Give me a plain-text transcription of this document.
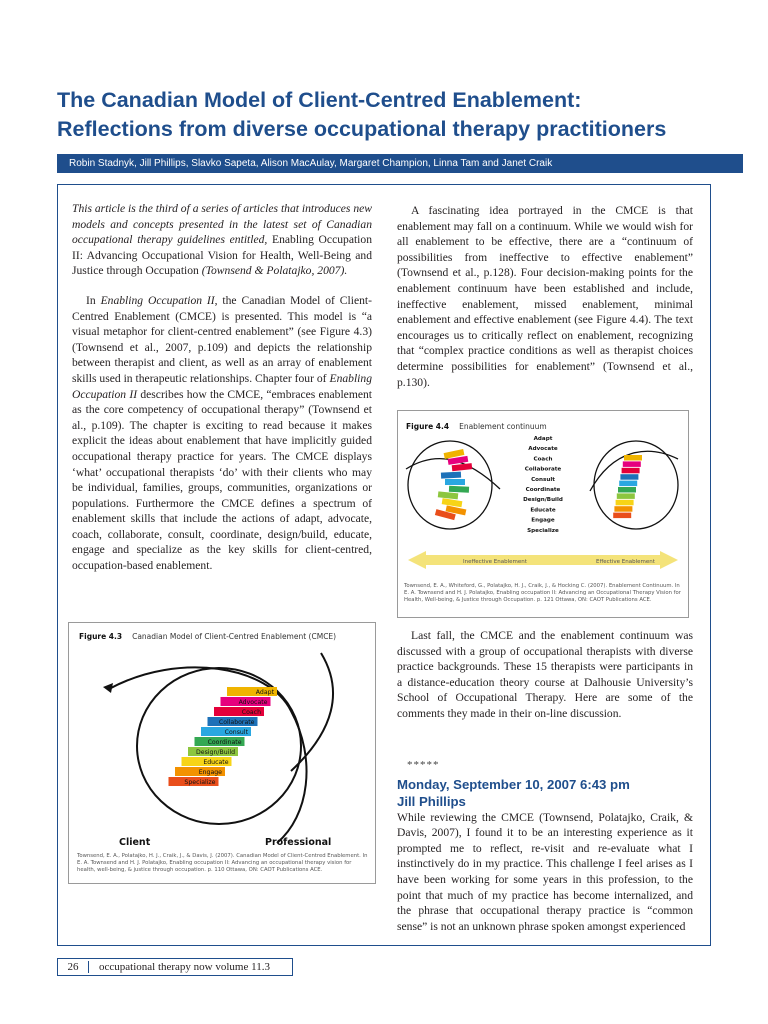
The Canadian Model of Client-Centred Enablement:
Reflections from diverse occupational therapy practitioners
Robin Stadnyk, Jill Phillips, Slavko Sapeta, Alison MacAulay, Margaret Champion, Linna Tam and Janet Craik

This article is the third of a series of articles that introduces new models and concepts presented in the latest set of Canadian occupational therapy guidelines entitled, Enabling Occupation II: Advancing Occupational Vision for Health, Well-Being and Justice through Occupation (Townsend & Polatajko, 2007).

In Enabling Occupation II, the Canadian Model of Client-Centred Enablement (CMCE) is presented. This model is “a visual metaphor for client-centred enablement” (see Figure 4.3) (Townsend et al., 2007, p.109) and depicts the relationship between therapist and client, as well as an array of enablement skills used in therapeutic relationships. Chapter four of Enabling Occupation II describes how the CMCE, “embraces enablement as the core competency of occupational therapy” (Townsend et al., p.109). The chapter is exciting to read because it makes explicit the ideas about enablement that have implicitly guided occupational therapy practice for years. The CMCE displays ‘what’ occupational therapists ‘do’ with their clients who may be individual, families, groups, communities, organizations or populations. Furthermore the CMCE defines a spectrum of enablement skills that include the actions of adapt, advocate, coach, collaborate, consult, coordinate, design/build, educate, engage and specialize as the key skills for client-centred, occupation-based enablement.

A fascinating idea portrayed in the CMCE is that enablement may fall on a continuum. While we would wish for all enablement to be effective, there are a “continuum of possibilities from ineffective to effective enablement” (Townsend et al., p.128). Four decision-making points for the enablement continuum have been established and include, ineffective enablement, missed enablement, minimal enablement and effective enablement (see Figure 4.4). The text encourages us to critically reflect on enablement, recognizing that “complex practice conditions as well as therapist choices determine possibilities for enablement” (Townsend et al., p.130).

Figure 4.4 Enablement continuum
Adapt
Advocate
Coach
Collaborate
Consult
Coordinate
Design/Build
Educate
Engage
Specialize
Ineffective Enablement	Effective Enablement
Townsend, E. A., Whiteford, G., Polatajko, H. J., Craik, J., & Hocking C. (2007). Enablement Continuum. In E. A. Townsend and H. J. Polatajko, Enabling occupation II: Advancing an Occupational Therapy Vision for Health, Well-being, & Justice through Occupation. p. 121 Ottawa, ON: CAOT Publications ACE.

Last fall, the CMCE and the enablement continuum was discussed with a group of occupational therapists with diverse practice backgrounds. These 15 therapists were participants in a distance-education theory course at Dalhousie University’s School of Occupational Therapy. Here are some of the comments they made in their on-line discussion.

*****
Monday, September 10, 2007 6:43 pm
Jill Phillips

While reviewing the CMCE (Townsend, Polatajko, Craik, & Davis, 2007), I found it to be an interesting experience as it prompted me to reflect, re-visit and re-evaluate what I instinctively do in my practice. This challenge I feel arises as I have been working for some years in this profession, to the point that much of my practice has become internalized, and the phrase that occupational therapy practice is “common sense” is not an unknown phrase spoken amongst experienced

Figure 4.3 Canadian Model of Client-Centred Enablement (CMCE)
Adapt
Advocate
Coach
Collaborate
Consult
Coordinate
Design/Build
Educate
Engage
Specialize
Client	Professional
Townsend, E. A., Polatajko, H. J., Craik, J., & Davis, J. (2007). Canadian Model of Client-Centred Enablement. In E. A. Townsend and H. J. Polatajko, Enabling occupation II: Advancing an occupational therapy vision for health, well-being, & justice through occupation. p. 110 Ottawa, ON: CAOT Publications ACE.
26	occupational therapy now volume 11.3
